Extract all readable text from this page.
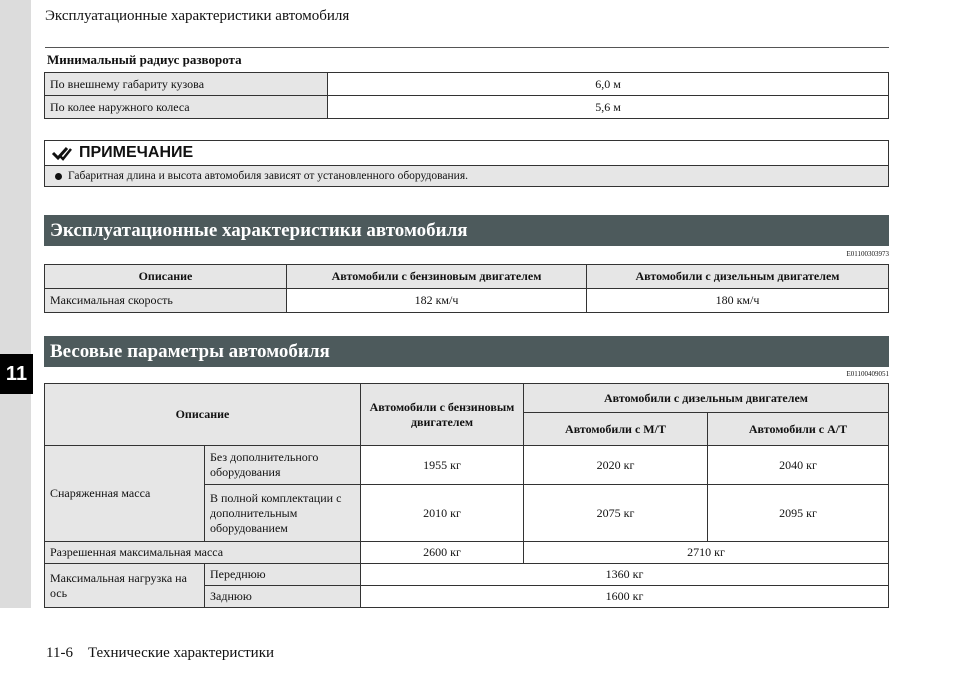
11
Эксплуатационные характеристики автомобиля
Минимальный радиус разворота
По внешнему габариту кузова	6,0 м
По колее наружного колеса	5,6 м
ПРИМЕЧАНИЕ
Габаритная длина и высота автомобиля зависят от установленного оборудования.
Эксплуатационные характеристики автомобиля
E01100303973
Описание	Автомобили с бензиновым двигателем	Автомобили с дизельным двигателем
Максимальная скорость	182 км/ч	180 км/ч
Весовые параметры автомобиля
E01100409051
Описание		Автомобили с бензиновым двигателем	Автомобили с дизельным двигателем	
			Автомобили с М/Т	Автомобили с А/Т
Снаряженная масса	Без дополнительного оборудования	1955 кг	2020 кг	2040 кг
	В полной комплектации с дополнительным оборудованием	2010 кг	2075 кг	2095 кг
Разрешенная максимальная масса		2600 кг	2710 кг	
Максимальная нагрузка на ось	Переднюю	1360 кг		
	Заднюю	1600 кг		
11-6 Технические характеристики
